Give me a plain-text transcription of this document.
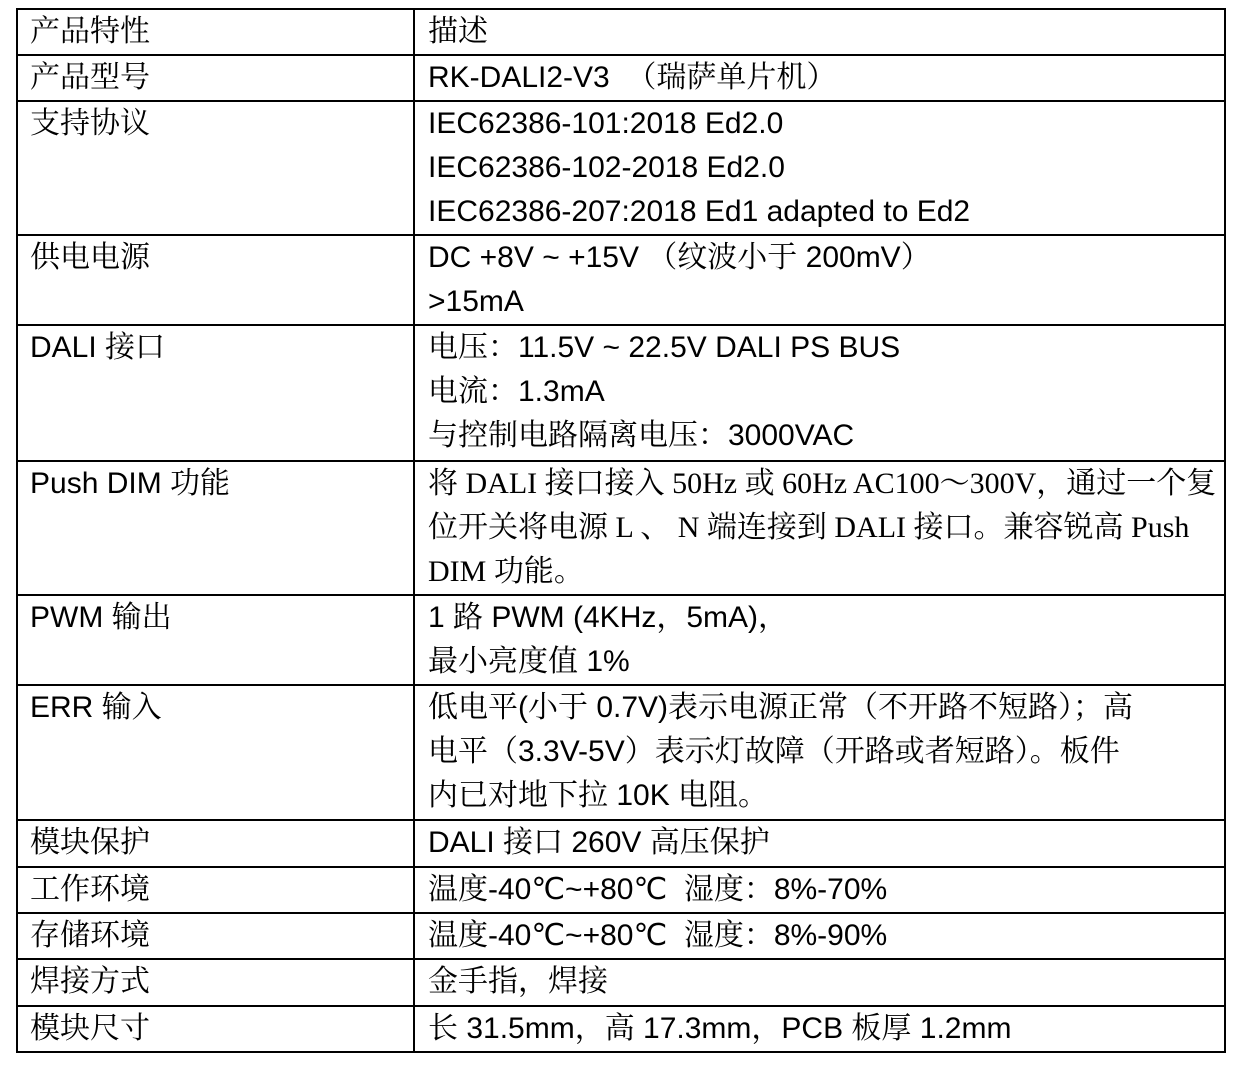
产品特性	描述

产品型号	RK-DALI2-V3  （瑞萨单片机）

支持协议	IEC62386-101:2018 Ed2.0
IEC62386-102-2018 Ed2.0
IEC62386-207:2018 Ed1 adapted to Ed2

供电电源	DC +8V ~ +15V （纹波小于 200mV）
>15mA

DALI 接口	电压：11.5V ~ 22.5V DALI PS BUS
电流：1.3mA
与控制电路隔离电压：3000VAC

Push DIM 功能	将 DALI 接口接入 50Hz 或 60Hz AC100～300V，通过一个复
位开关将电源 L 、 N 端连接到 DALI 接口。兼容锐高 Push
DIM 功能。

PWM 输出	1 路 PWM (4KHz，5mA)，
最小亮度值 1%

ERR 输入	低电平(小于 0.7V)表示电源正常（不开路不短路）；高
电平（3.3V-5V）表示灯故障（开路或者短路）。板件
内已对地下拉 10K 电阻。

模块保护	DALI 接口 260V 高压保护

工作环境	温度-40℃~+80℃  湿度：8%-70%

存储环境	温度-40℃~+80℃  湿度：8%-90%

焊接方式	金手指，焊接

模块尺寸	长 31.5mm，高 17.3mm，PCB 板厚 1.2mm
